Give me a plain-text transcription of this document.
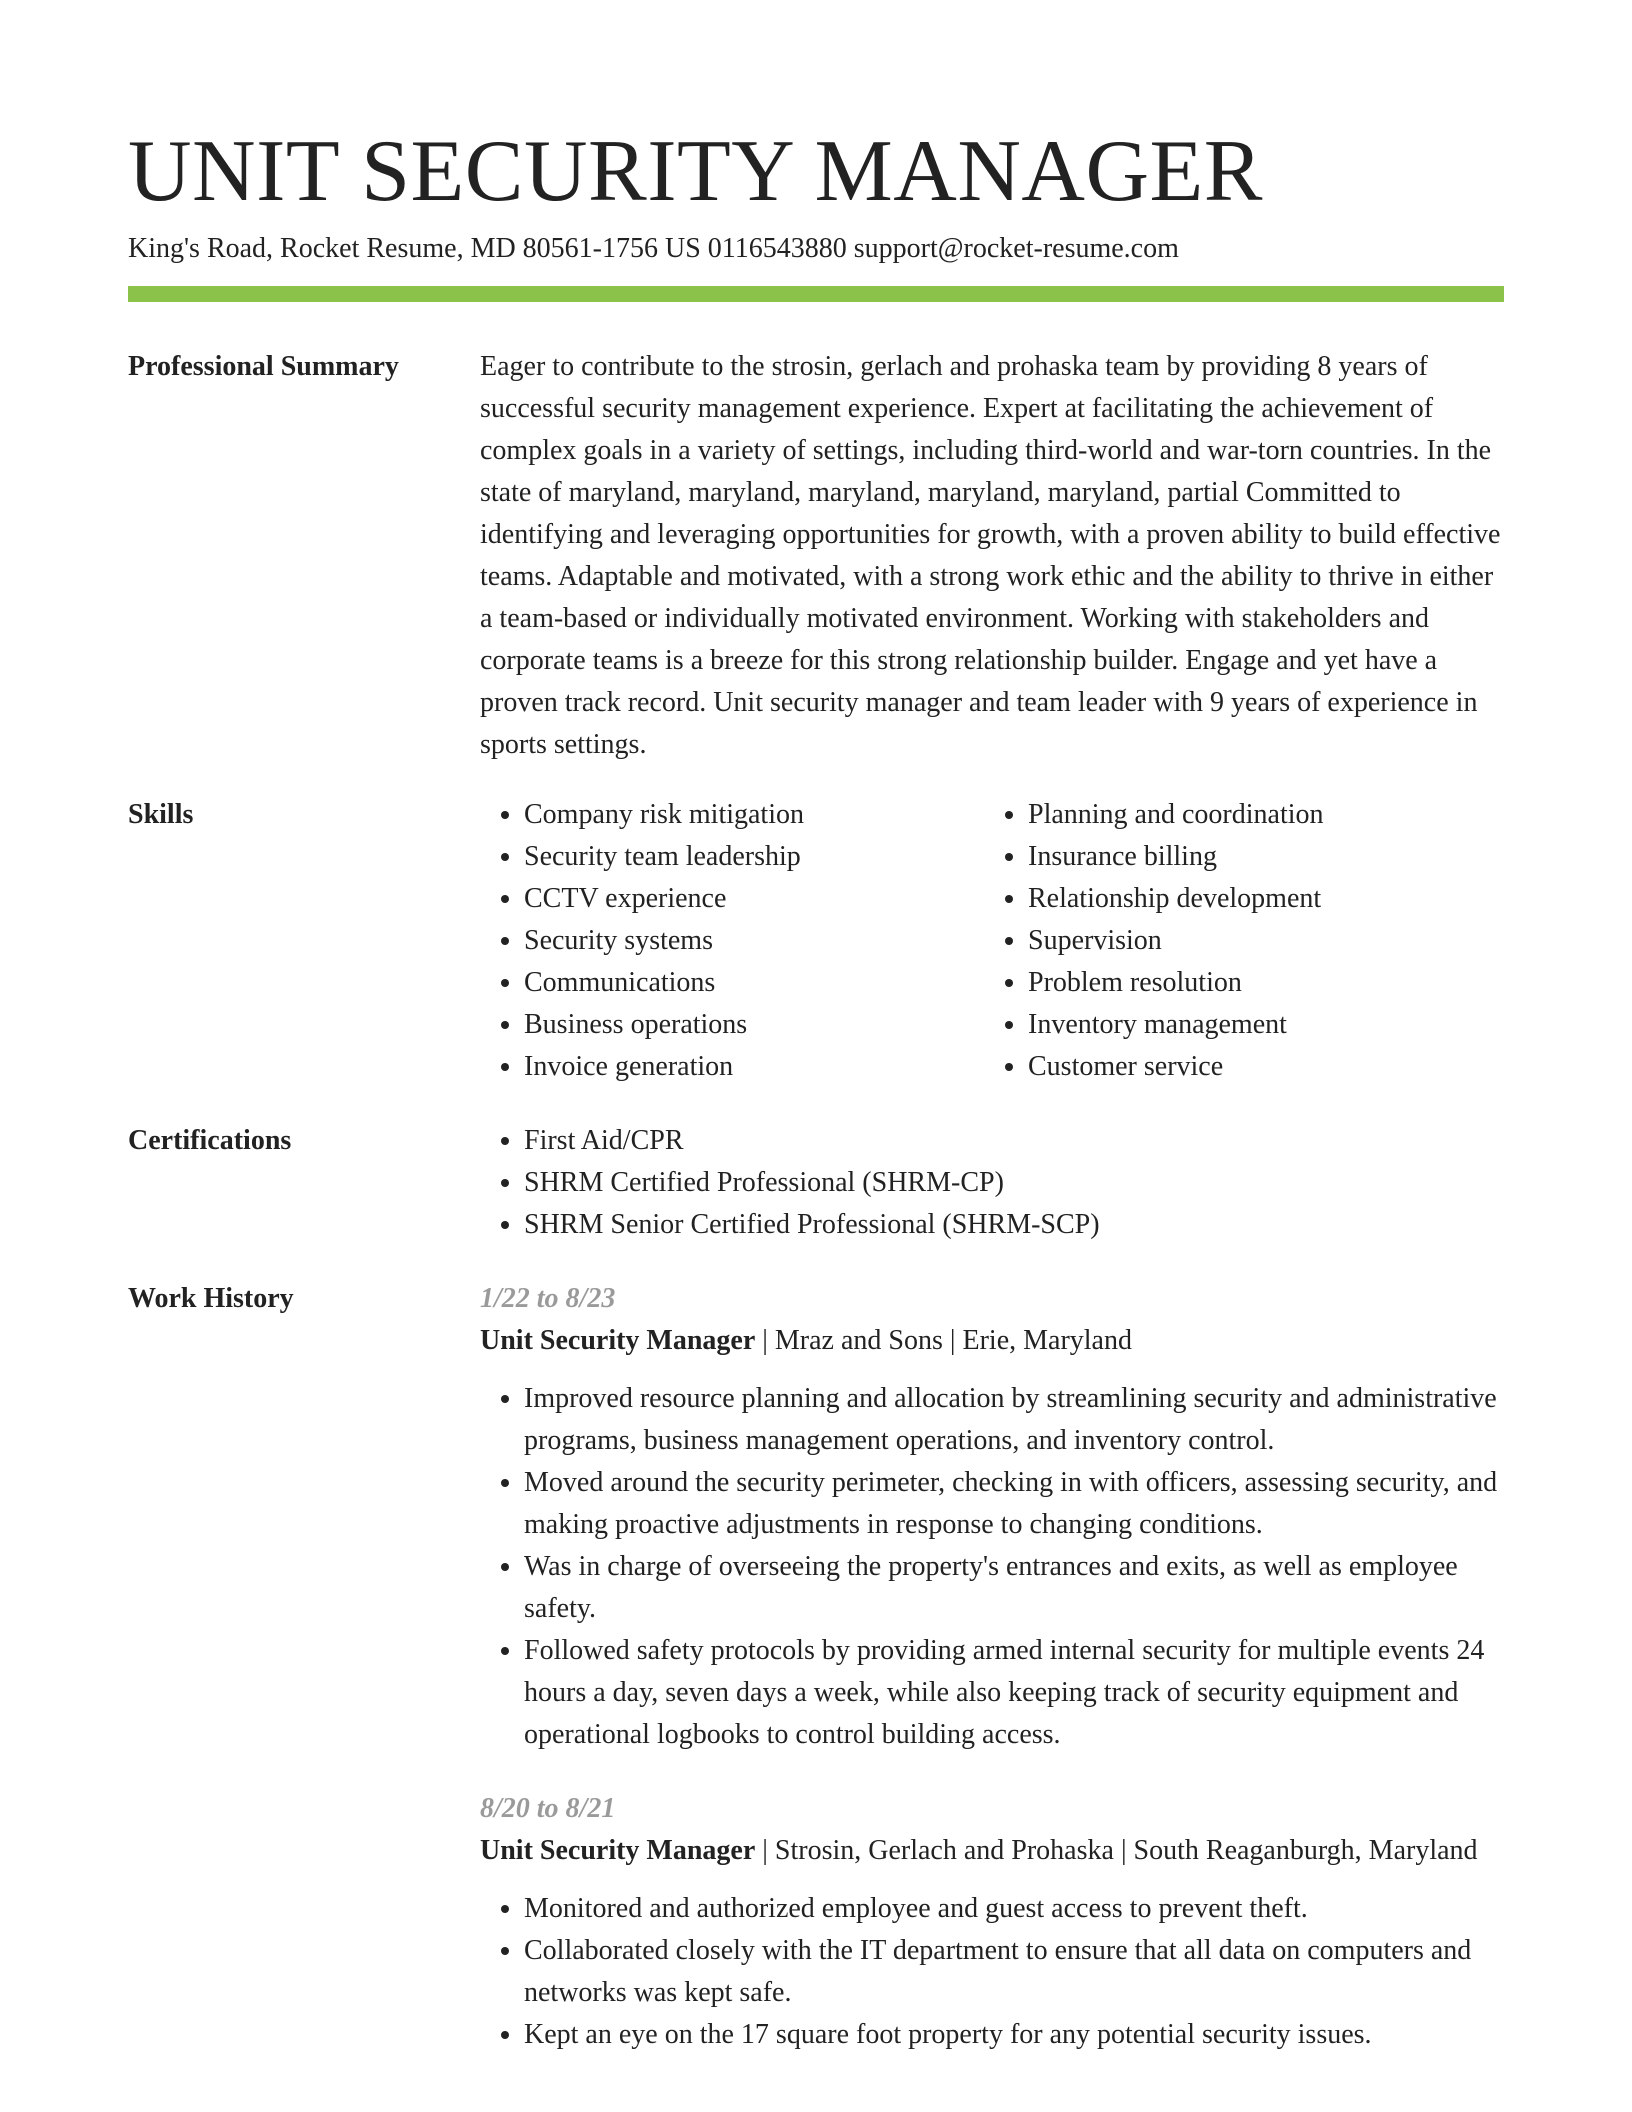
UNIT SECURITY MANAGER
King's Road, Rocket Resume, MD 80561-1756 US 0116543880 support@rocket-resume.com
Professional Summary	Eager to contribute to the strosin, gerlach and prohaska team by providing 8 years of successful security management experience. Expert at facilitating the achievement of complex goals in a variety of settings, including third-world and war-torn countries. In the state of maryland, maryland, maryland, maryland, maryland, partial Committed to identifying and leveraging opportunities for growth, with a proven ability to build effective teams. Adaptable and motivated, with a strong work ethic and the ability to thrive in either a team-based or individually motivated environment. Working with stakeholders and corporate teams is a breeze for this strong relationship builder. Engage and yet have a proven track record. Unit security manager and team leader with 9 years of experience in sports settings.

Skills	• Company risk mitigation
• Security team leadership
• CCTV experience
• Security systems
• Communications
• Business operations
• Invoice generation
• Planning and coordination
• Insurance billing
• Relationship development
• Supervision
• Problem resolution
• Inventory management
• Customer service
Certifications	• First Aid/CPR
• SHRM Certified Professional (SHRM-CP)
• SHRM Senior Certified Professional (SHRM-SCP)
Work History	1/22 to 8/23
Unit Security Manager | Mraz and Sons | Erie, Maryland
• Improved resource planning and allocation by streamlining security and administrative programs, business management operations, and inventory control.
• Moved around the security perimeter, checking in with officers, assessing security, and making proactive adjustments in response to changing conditions.
• Was in charge of overseeing the property's entrances and exits, as well as employee safety.
• Followed safety protocols by providing armed internal security for multiple events 24 hours a day, seven days a week, while also keeping track of security equipment and operational logbooks to control building access.
8/20 to 8/21
Unit Security Manager | Strosin, Gerlach and Prohaska | South Reaganburgh, Maryland
• Monitored and authorized employee and guest access to prevent theft.
• Collaborated closely with the IT department to ensure that all data on computers and networks was kept safe.
• Kept an eye on the 17 square foot property for any potential security issues.
